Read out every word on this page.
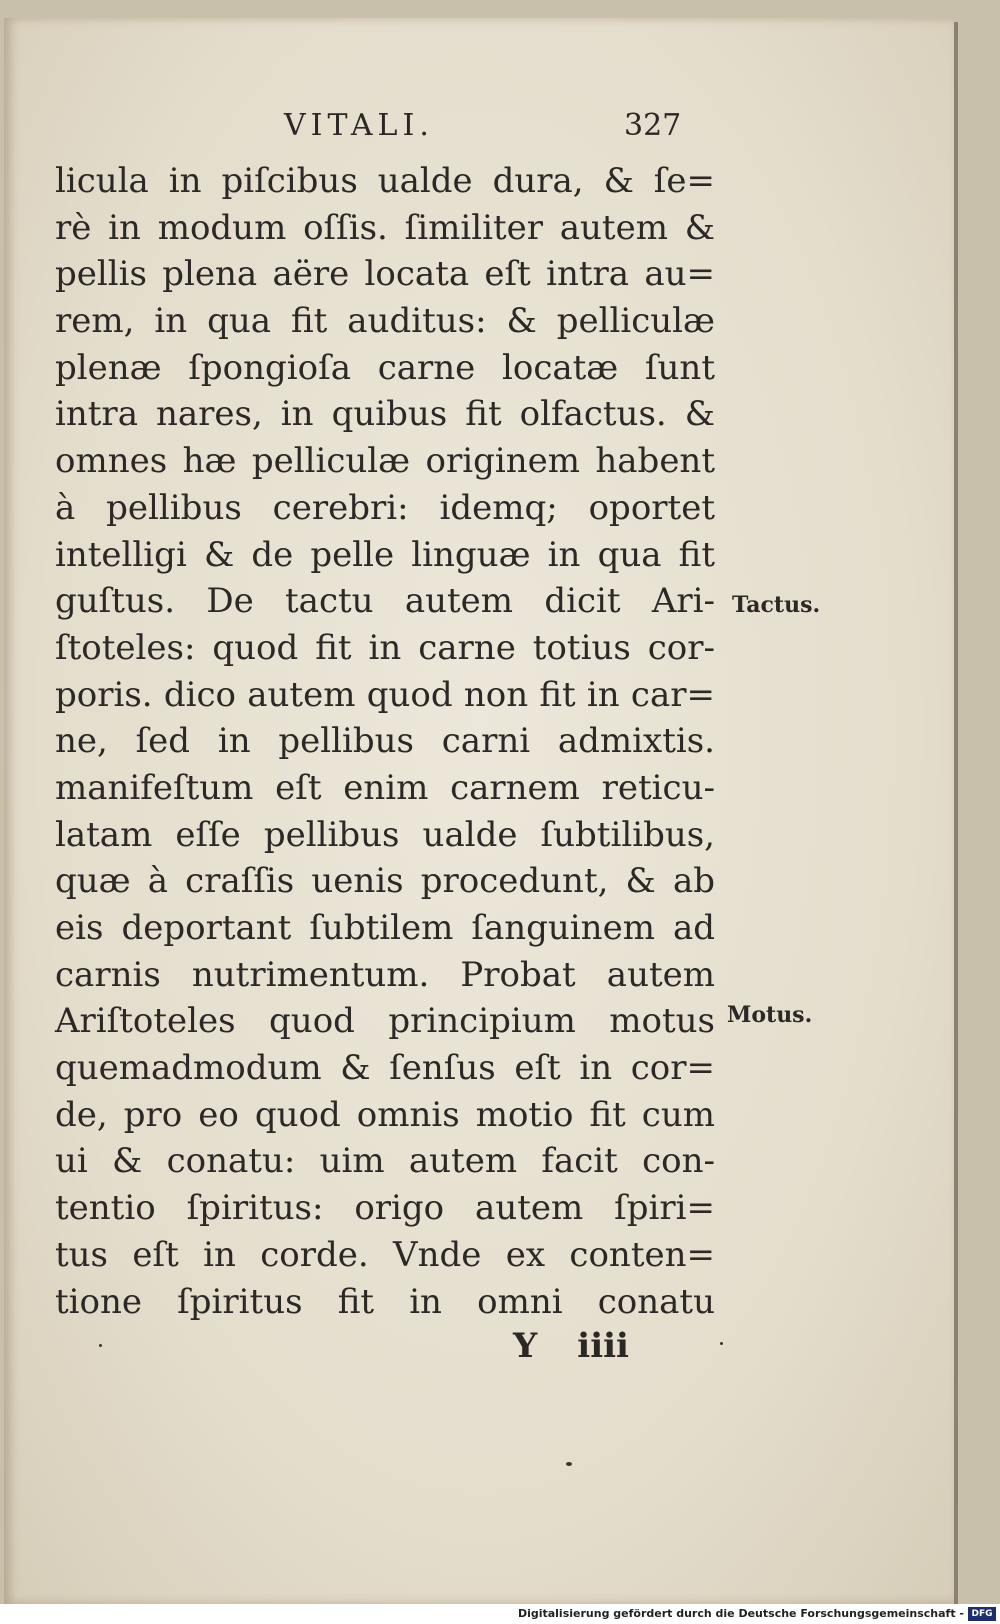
VITALI.	327
licula in piſcibus ualde dura, & ſe=
rè in modum oſſis. ſimiliter autem &
pellis plena aëre locata eſt intra au=
rem, in qua fit auditus: & pelliculæ
plenæ ſpongioſa carne locatæ ſunt
intra nares, in quibus fit olfactus. &
omnes hæ pelliculæ originem habent
à pellibus cerebri: idemq; oportet
intelligi & de pelle linguæ in qua fit
guſtus. De tactu autem dicit Ari-
ſtoteles: quod fit in carne totius cor-
poris. dico autem quod non fit in car=
ne, ſed in pellibus carni admixtis.
manifeſtum eſt enim carnem reticu-
latam eſſe pellibus ualde ſubtilibus,
quæ à craſſis uenis procedunt, & ab
eis deportant ſubtilem ſanguinem ad
carnis nutrimentum. Probat autem
Ariſtoteles quod principium motus
quemadmodum & ſenſus eſt in cor=
de, pro eo quod omnis motio fit cum
ui & conatu: uim autem facit con-
tentio ſpiritus: origo autem ſpiri=
tus eſt in corde. Vnde ex conten=
tione ſpiritus fit in omni conatu
Tactus.
Motus.
Y iiii
Digitalisierung gefördert durch die Deutsche Forschungsgemeinschaft - DFG
